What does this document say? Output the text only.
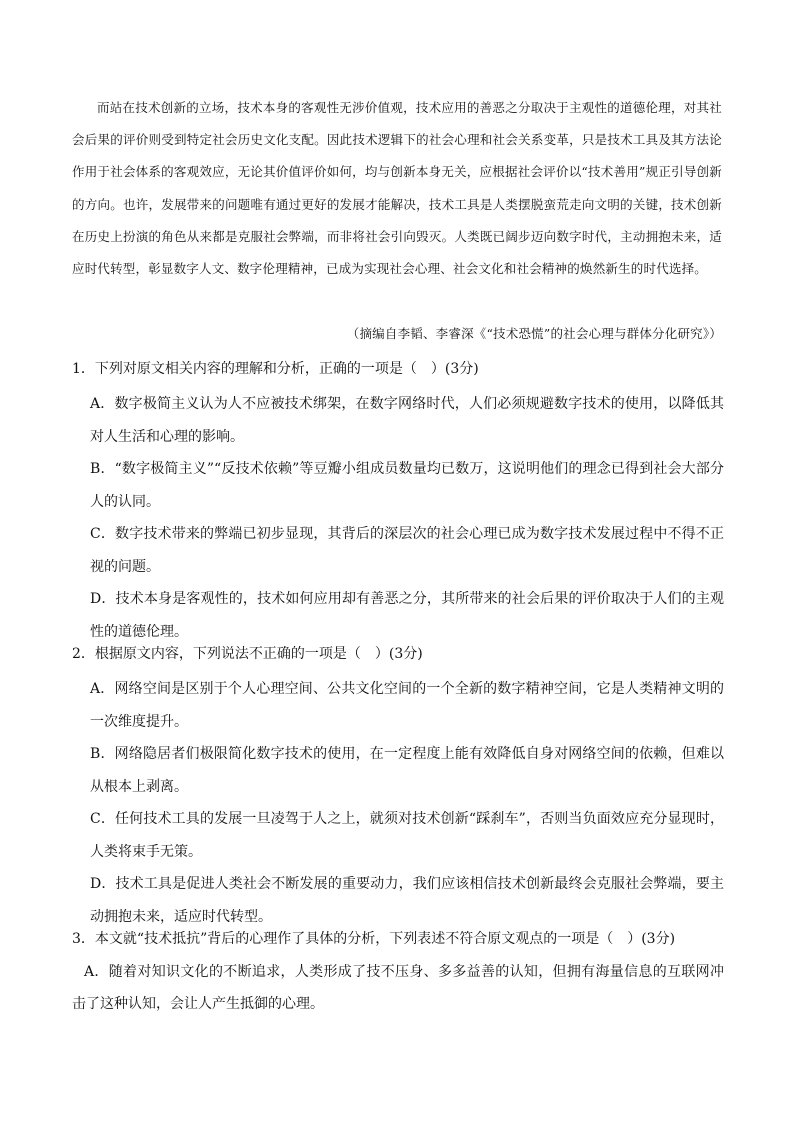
而站在技术创新的立场，技术本身的客观性无涉价值观，技术应用的善恶之分取决于主观性的道德伦理，对其社会后果的评价则受到特定社会历史文化支配。因此技术逻辑下的社会心理和社会关系变革，只是技术工具及其方法论作用于社会体系的客观效应，无论其价值评价如何，均与创新本身无关，应根据社会评价以“技术善用”规正引导创新的方向。也许，发展带来的问题唯有通过更好的发展才能解决，技术工具是人类摆脱蛮荒走向文明的关键，技术创新在历史上扮演的角色从来都是克服社会弊端，而非将社会引向毁灭。人类既已阔步迈向数字时代，主动拥抱未来，适应时代转型，彰显数字人文、数字伦理精神，已成为实现社会心理、社会文化和社会精神的焕然新生的时代选择。

（摘编自李韬、李睿深《“技术恐慌”的社会心理与群体分化研究》）
1．下列对原文相关内容的理解和分析，正确的一项是（　）(3分)
A．数字极简主义认为人不应被技术绑架，在数字网络时代，人们必须规避数字技术的使用，以降低其对人生活和心理的影响。
B．“数字极简主义”“反技术依赖”等豆瓣小组成员数量均已数万，这说明他们的理念已得到社会大部分人的认同。
C．数字技术带来的弊端已初步显现，其背后的深层次的社会心理已成为数字技术发展过程中不得不正视的问题。
D．技术本身是客观性的，技术如何应用却有善恶之分，其所带来的社会后果的评价取决于人们的主观性的道德伦理。
2．根据原文内容，下列说法不正确的一项是（　）(3分)
A．网络空间是区别于个人心理空间、公共文化空间的一个全新的数字精神空间，它是人类精神文明的一次维度提升。
B．网络隐居者们极限简化数字技术的使用，在一定程度上能有效降低自身对网络空间的依赖，但难以从根本上剥离。
C．任何技术工具的发展一旦凌驾于人之上，就须对技术创新“踩刹车”，否则当负面效应充分显现时，人类将束手无策。
D．技术工具是促进人类社会不断发展的重要动力，我们应该相信技术创新最终会克服社会弊端，要主动拥抱未来，适应时代转型。
3．本文就“技术抵抗”背后的心理作了具体的分析，下列表述不符合原文观点的一项是（　）(3分)
A．随着对知识文化的不断追求，人类形成了技不压身、多多益善的认知，但拥有海量信息的互联网冲击了这种认知，会让人产生抵御的心理。
